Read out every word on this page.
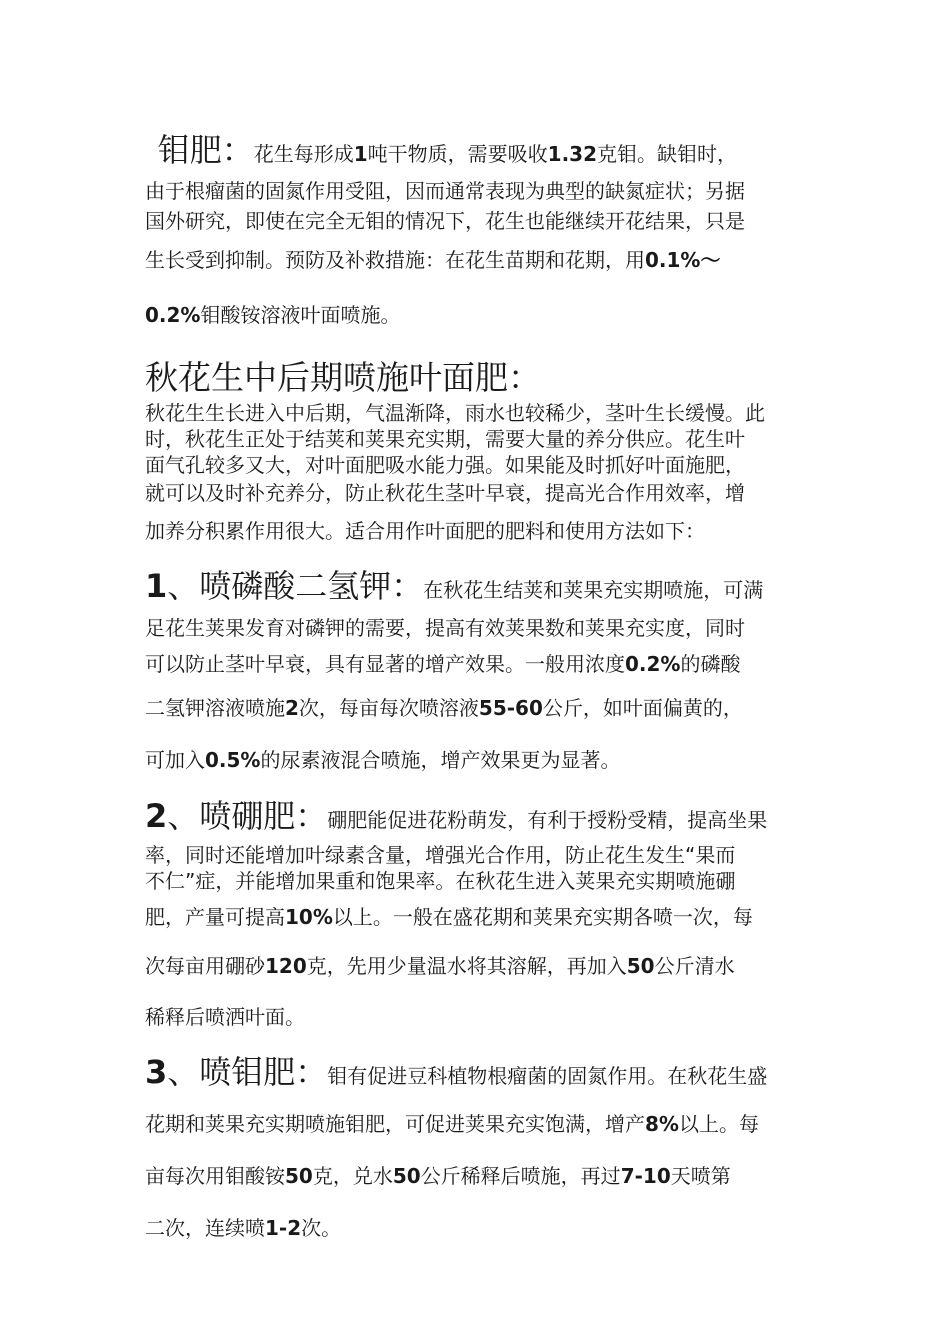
钼肥：花生每形成1吨干物质，需要吸收1.32克钼。缺钼时，
由于根瘤菌的固氮作用受阻，因而通常表现为典型的缺氮症状；另据
国外研究，即使在完全无钼的情况下，花生也能继续开花结果，只是
生长受到抑制。预防及补救措施：在花生苗期和花期，用0.1%～
0.2%钼酸铵溶液叶面喷施。

秋花生中后期喷施叶面肥：

秋花生生长进入中后期，气温渐降，雨水也较稀少，茎叶生长缓慢。此
时，秋花生正处于结荚和荚果充实期，需要大量的养分供应。花生叶
面气孔较多又大，对叶面肥吸水能力强。如果能及时抓好叶面施肥，
就可以及时补充养分，防止秋花生茎叶早衰，提高光合作用效率，增
加养分积累作用很大。适合用作叶面肥的肥料和使用方法如下：

1、喷磷酸二氢钾：在秋花生结荚和荚果充实期喷施，可满
足花生荚果发育对磷钾的需要，提高有效荚果数和荚果充实度，同时
可以防止茎叶早衰，具有显著的增产效果。一般用浓度0.2%的磷酸
二氢钾溶液喷施2次，每亩每次喷溶液55-60公斤，如叶面偏黄的，
可加入0.5%的尿素液混合喷施，增产效果更为显著。

2、喷硼肥：硼肥能促进花粉萌发，有利于授粉受精，提高坐果
率，同时还能增加叶绿素含量，增强光合作用，防止花生发生“果而
不仁”症，并能增加果重和饱果率。在秋花生进入荚果充实期喷施硼
肥，产量可提高10%以上。一般在盛花期和荚果充实期各喷一次，每
次每亩用硼砂120克，先用少量温水将其溶解，再加入50公斤清水
稀释后喷洒叶面。

3、喷钼肥：钼有促进豆科植物根瘤菌的固氮作用。在秋花生盛
花期和荚果充实期喷施钼肥，可促进荚果充实饱满，增产8%以上。每
亩每次用钼酸铵50克，兑水50公斤稀释后喷施，再过7-10天喷第
二次，连续喷1-2次。
